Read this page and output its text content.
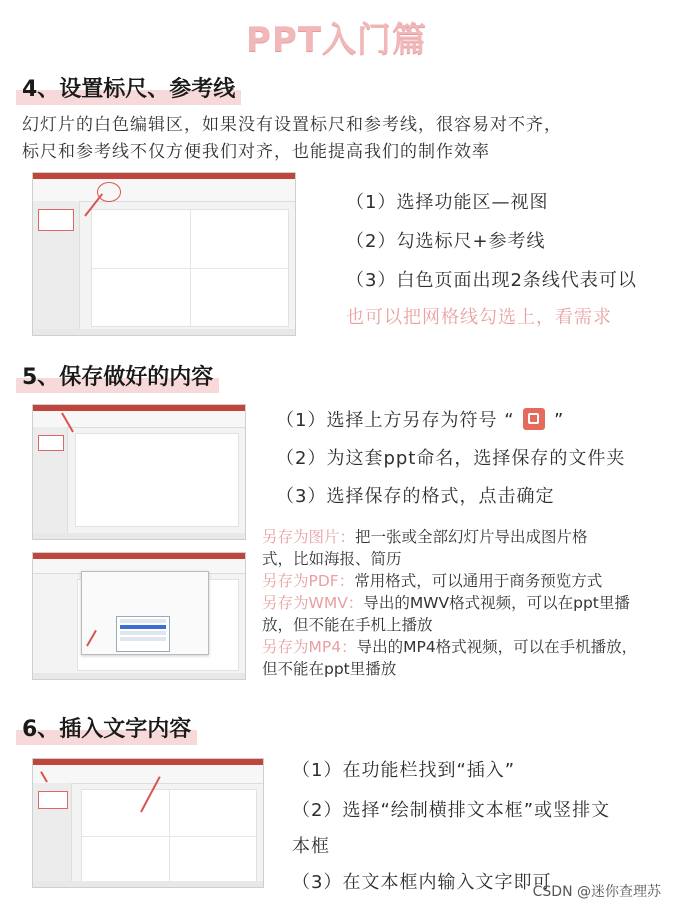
PPT入门篇
4、设置标尺、参考线
幻灯片的白色编辑区，如果没有设置标尺和参考线，很容易对不齐，
标尺和参考线不仅方便我们对齐，也能提高我们的制作效率
（1）选择功能区—视图
（2）勾选标尺+参考线
（3）白色页面出现2条线代表可以
也可以把网格线勾选上，看需求
5、保存做好的内容
（1）选择上方另存为符号 “ ”
（2）为这套ppt命名，选择保存的文件夹
（3）选择保存的格式，点击确定
另存为图片：把一张或全部幻灯片导出成图片格
式，比如海报、简历
另存为PDF：常用格式，可以通用于商务预览方式
另存为WMV：导出的MWV格式视频，可以在ppt里播
放，但不能在手机上播放
另存为MP4：导出的MP4格式视频，可以在手机播放，
但不能在ppt里播放
6、插入文字内容
（1）在功能栏找到“插入”
（2）选择“绘制横排文本框”或竖排文
本框
（3）在文本框内输入文字即可
CSDN @迷你查理苏
